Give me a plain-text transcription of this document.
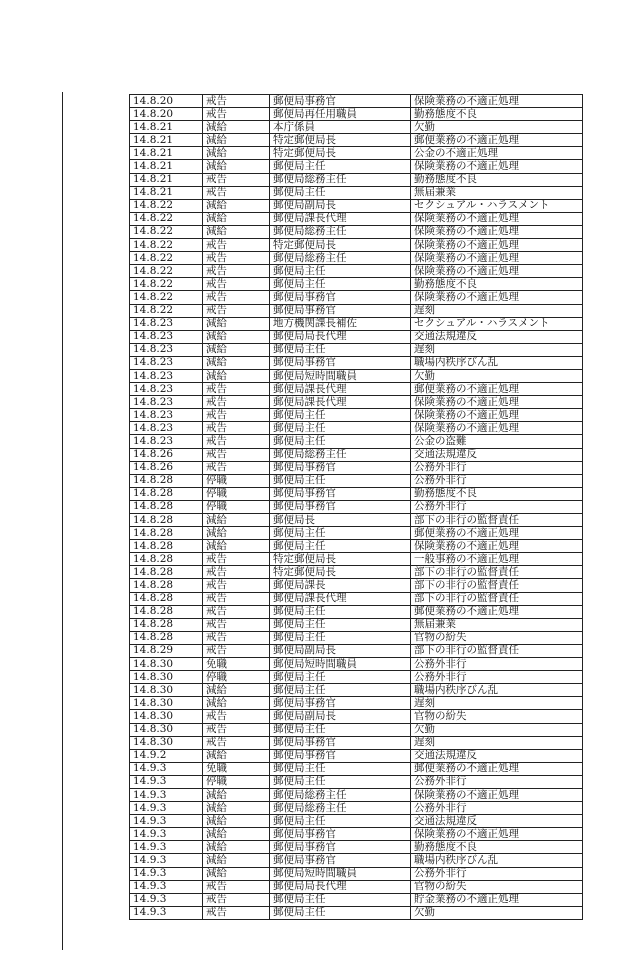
14.8.20	戒告	郵便局事務官	保険業務の不適正処理
14.8.20	戒告	郵便局再任用職員	勤務態度不良
14.8.21	減給	本庁係員	欠勤
14.8.21	減給	特定郵便局長	郵便業務の不適正処理
14.8.21	減給	特定郵便局長	公金の不適正処理
14.8.21	減給	郵便局主任	保険業務の不適正処理
14.8.21	戒告	郵便局総務主任	勤務態度不良
14.8.21	戒告	郵便局主任	無届兼業
14.8.22	減給	郵便局副局長	セクシュアル・ハラスメント
14.8.22	減給	郵便局課長代理	保険業務の不適正処理
14.8.22	減給	郵便局総務主任	保険業務の不適正処理
14.8.22	戒告	特定郵便局長	保険業務の不適正処理
14.8.22	戒告	郵便局総務主任	保険業務の不適正処理
14.8.22	戒告	郵便局主任	保険業務の不適正処理
14.8.22	戒告	郵便局主任	勤務態度不良
14.8.22	戒告	郵便局事務官	保険業務の不適正処理
14.8.22	戒告	郵便局事務官	遅刻
14.8.23	減給	地方機関課長補佐	セクシュアル・ハラスメント
14.8.23	減給	郵便局局長代理	交通法規違反
14.8.23	減給	郵便局主任	遅刻
14.8.23	減給	郵便局事務官	職場内秩序びん乱
14.8.23	減給	郵便局短時間職員	欠勤
14.8.23	戒告	郵便局課長代理	郵便業務の不適正処理
14.8.23	戒告	郵便局課長代理	保険業務の不適正処理
14.8.23	戒告	郵便局主任	保険業務の不適正処理
14.8.23	戒告	郵便局主任	保険業務の不適正処理
14.8.23	戒告	郵便局主任	公金の盗難
14.8.26	戒告	郵便局総務主任	交通法規違反
14.8.26	戒告	郵便局事務官	公務外非行
14.8.28	停職	郵便局主任	公務外非行
14.8.28	停職	郵便局事務官	勤務態度不良
14.8.28	停職	郵便局事務官	公務外非行
14.8.28	減給	郵便局長	部下の非行の監督責任
14.8.28	減給	郵便局主任	郵便業務の不適正処理
14.8.28	減給	郵便局主任	保険業務の不適正処理
14.8.28	戒告	特定郵便局長	一般事務の不適正処理
14.8.28	戒告	特定郵便局長	部下の非行の監督責任
14.8.28	戒告	郵便局課長	部下の非行の監督責任
14.8.28	戒告	郵便局課長代理	部下の非行の監督責任
14.8.28	戒告	郵便局主任	郵便業務の不適正処理
14.8.28	戒告	郵便局主任	無届兼業
14.8.28	戒告	郵便局主任	官物の紛失
14.8.29	戒告	郵便局副局長	部下の非行の監督責任
14.8.30	免職	郵便局短時間職員	公務外非行
14.8.30	停職	郵便局主任	公務外非行
14.8.30	減給	郵便局主任	職場内秩序びん乱
14.8.30	減給	郵便局事務官	遅刻
14.8.30	戒告	郵便局副局長	官物の紛失
14.8.30	戒告	郵便局主任	欠勤
14.8.30	戒告	郵便局事務官	遅刻
14.9.2	減給	郵便局事務官	交通法規違反
14.9.3	免職	郵便局主任	郵便業務の不適正処理
14.9.3	停職	郵便局主任	公務外非行
14.9.3	減給	郵便局総務主任	保険業務の不適正処理
14.9.3	減給	郵便局総務主任	公務外非行
14.9.3	減給	郵便局主任	交通法規違反
14.9.3	減給	郵便局事務官	保険業務の不適正処理
14.9.3	減給	郵便局事務官	勤務態度不良
14.9.3	減給	郵便局事務官	職場内秩序びん乱
14.9.3	減給	郵便局短時間職員	公務外非行
14.9.3	戒告	郵便局局長代理	官物の紛失
14.9.3	戒告	郵便局主任	貯金業務の不適正処理
14.9.3	戒告	郵便局主任	欠勤
